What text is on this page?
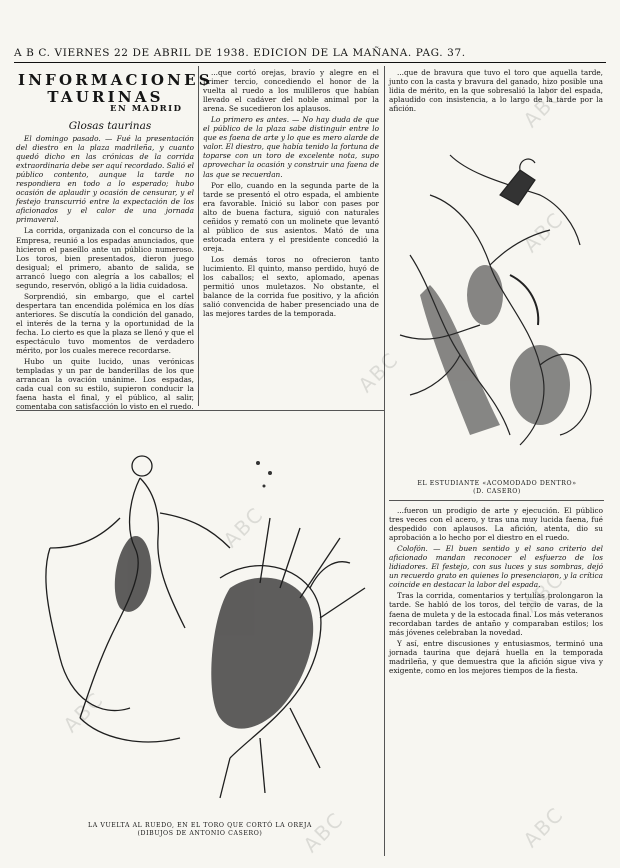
A B C. VIERNES 22 DE ABRIL DE 1938. EDICION DE LA MAÑANA. PAG. 37.
INFORMACIONES TAURINAS
EN MADRID
Glosas taurinas

El domingo pasado. — Fué la presentación del diestro en la plaza madrileña, y cuanto quedó dicho en las crónicas de la corrida extraordinaria debe ser aquí recordado. Salió el público contento, aunque la tarde no respondiera en todo a lo esperado; hubo ocasión de aplaudir y ocasión de censurar, y el festejo transcurrió entre la expectación de los aficionados y el calor de una jornada primaveral.

La corrida, organizada con el concurso de la Empresa, reunió a los espadas anunciados, que hicieron el paseíllo ante un público numeroso. Los toros, bien presentados, dieron juego desigual; el primero, abanto de salida, se arrancó luego con alegría a los caballos; el segundo, reservón, obligó a la lidia cuidadosa.

Sorprendió, sin embargo, que el cartel despertara tan encendida polémica en los días anteriores. Se discutía la condición del ganado, el interés de la terna y la oportunidad de la fecha. Lo cierto es que la plaza se llenó y que el espectáculo tuvo momentos de verdadero mérito, por los cuales merece recordarse.

Hubo un quite lucido, unas verónicas templadas y un par de banderillas de los que arrancan la ovación unánime. Los espadas, cada cual con su estilo, supieron conducir la faena hasta el final, y el público, al salir, comentaba con satisfacción lo visto en el ruedo.

...que cortó orejas, bravío y alegre en el primer tercio, concediendo el honor de la vuelta al ruedo a los mulilleros que habían llevado el cadáver del noble animal por la arena. Se sucedieron los aplausos.

Lo primero es antes. — No hay duda de que el público de la plaza sabe distinguir entre lo que es faena de arte y lo que es mero alarde de valor. El diestro, que había tenido la fortuna de toparse con un toro de excelente nota, supo aprovechar la ocasión y construir una faena de las que se recuerdan.

Por ello, cuando en la segunda parte de la tarde se presentó el otro espada, el ambiente era favorable. Inició su labor con pases por alto de buena factura, siguió con naturales ceñidos y remató con un molinete que levantó al público de sus asientos. Mató de una estocada entera y el presidente concedió la oreja.

Los demás toros no ofrecieron tanto lucimiento. El quinto, manso perdido, huyó de los caballos; el sexto, aplomado, apenas permitió unos muletazos. No obstante, el balance de la corrida fue positivo, y la afición salió convencida de haber presenciado una de las mejores tardes de la temporada.

...que de bravura que tuvo el toro que aquella tarde, junto con la casta y bravura del ganado, hizo posible una lidia de mérito, en la que sobresalió la labor del espada, aplaudido con insistencia, a lo largo de la tarde por la afición.

EL ESTUDIANTE «ACOMODADO DENTRO»
(D. CASERO)

...fueron un prodigio de arte y ejecución. El público tres veces con el acero, y tras una muy lucida faena, fué despedido con aplausos. La afición, atenta, dio su aprobación a lo hecho por el diestro en el ruedo.

Colofón. — El buen sentido y el sano criterio del aficionado mandan reconocer el esfuerzo de los lidiadores. El festejo, con sus luces y sus sombras, dejó un recuerdo grato en quienes lo presenciaron, y la crítica coincide en destacar la labor del espada.

Tras la corrida, comentarios y tertulias prolongaron la tarde. Se habló de los toros, del tercio de varas, de la faena de muleta y de la estocada final. Los más veteranos recordaban tardes de antaño y comparaban estilos; los más jóvenes celebraban la novedad.

Y así, entre discusiones y entusiasmos, terminó una jornada taurina que dejará huella en la temporada madrileña, y que demuestra que la afición sigue viva y exigente, como en los mejores tiempos de la fiesta.

LA VUELTA AL RUEDO, EN EL TORO QUE CORTÓ LA OREJA
(DIBUJOS DE ANTONIO CASERO)
ABC
ABC
ABC
ABC
ABC
ABC
ABC
ABC
